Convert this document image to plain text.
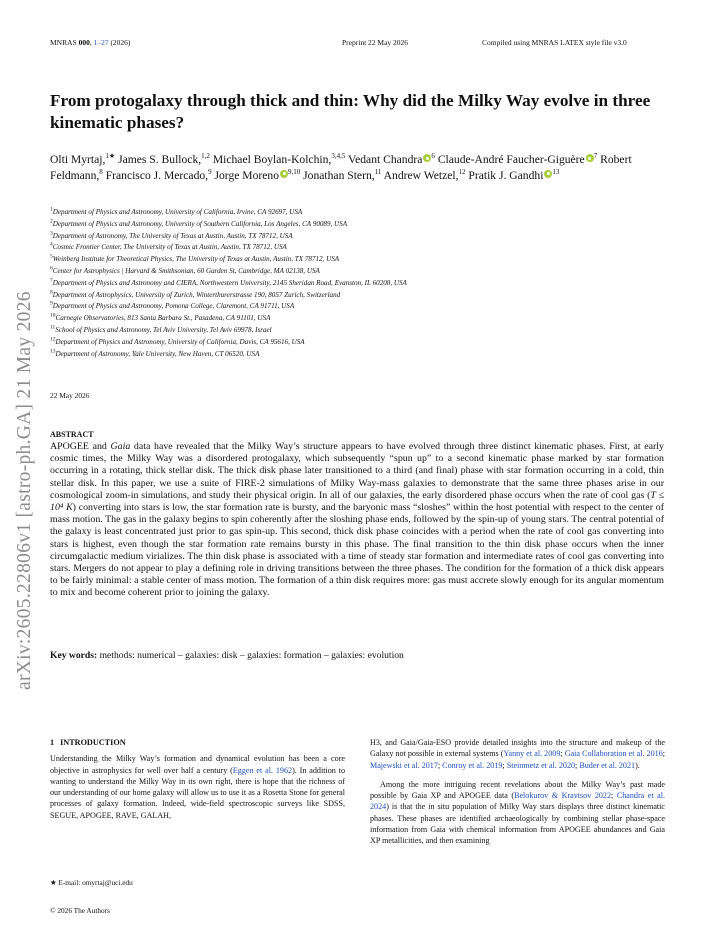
MNRAS 000, 1–27 (2026)	Preprint 22 May 2026	Compiled using MNRAS LATEX style file v3.0
arXiv:2605.22806v1 [astro-ph.GA] 21 May 2026
From protogalaxy through thick and thin: Why did the Milky Way evolve in three kinematic phases?
Olti Myrtaj,$^{1★}$ James S. Bullock,$^{1,2}$ Michael Boylan-Kolchin,$^{3,4,5}$ Vedant Chandra $^6$ Claude-André Faucher-Giguère $^7$ Robert Feldmann,$^8$ Francisco J. Mercado,$^9$ Jorge Moreno $^{9,10}$ Jonathan Stern,$^{11}$ Andrew Wetzel,$^{12}$ Pratik J. Gandhi $^{13}$
$^1$Department of Physics and Astronomy, University of California, Irvine, CA 92697, USA
$^2$Department of Physics and Astronomy, University of Southern California, Los Angeles, CA 90089, USA
$^3$Department of Astronomy, The University of Texas at Austin, Austin, TX 78712, USA
$^4$Cosmic Frontier Center, The University of Texas at Austin, Austin, TX 78712, USA
$^5$Weinberg Institute for Theoretical Physics, The University of Texas at Austin, Austin, TX 78712, USA
$^6$Center for Astrophysics | Harvard & Smithsonian, 60 Garden St, Cambridge, MA 02138, USA
$^7$Department of Physics and Astronomy and CIERA, Northwestern University, 2145 Sheridan Road, Evanston, IL 60208, USA
$^8$Department of Astrophysics, University of Zurich, Winterthurerstrasse 190, 8057 Zurich, Switzerland
$^9$Department of Physics and Astronomy, Pomona College, Claremont, CA 91711, USA
$^{10}$Carnegie Observatories, 813 Santa Barbara St., Pasadena, CA 91101, USA
$^{11}$School of Physics and Astronomy, Tel Aviv University, Tel Aviv 69978, Israel
$^{12}$Department of Physics and Astronomy, University of California, Davis, CA 95616, USA
$^{13}$Department of Astronomy, Yale University, New Haven, CT 06520, USA
22 May 2026
ABSTRACT

APOGEE and Gaia data have revealed that the Milky Way’s structure appears to have evolved through three distinct kinematic phases. First, at early cosmic times, the Milky Way was a disordered protogalaxy, which subsequently “spun up” to a second kinematic phase marked by star formation occurring in a rotating, thick stellar disk. The thick disk phase later transitioned to a third (and final) phase with star formation occurring in a cold, thin stellar disk. In this paper, we use a suite of FIRE-2 simulations of Milky Way-mass galaxies to demonstrate that the same three phases arise in our cosmological zoom-in simulations, and study their physical origin. In all of our galaxies, the early disordered phase occurs when the rate of cool gas (T ≤ 10⁴ K) converting into stars is low, the star formation rate is bursty, and the baryonic mass “sloshes” within the host potential with respect to the center of mass motion. The gas in the galaxy begins to spin coherently after the sloshing phase ends, followed by the spin-up of young stars. The central potential of the galaxy is least concentrated just prior to gas spin-up. This second, thick disk phase coincides with a period when the rate of cool gas converting into stars is highest, even though the star formation rate remains bursty in this phase. The final transition to the thin disk phase occurs when the inner circumgalactic medium virializes. The thin disk phase is associated with a time of steady star formation and intermediate rates of cool gas converting into stars. Mergers do not appear to play a defining role in driving transitions between the three phases. The condition for the formation of a thick disk appears to be fairly minimal: a stable center of mass motion. The formation of a thin disk requires more: gas must accrete slowly enough for its angular momentum to mix and become coherent prior to joining the galaxy.

Key words: methods: numerical – galaxies: disk – galaxies: formation – galaxies: evolution
1 INTRODUCTION

Understanding the Milky Way’s formation and dynamical evolution has been a core objective in astrophysics for well over half a century (Eggen et al. 1962). In addition to wanting to understand the Milky Way in its own right, there is hope that the richness of our understanding of our home galaxy will allow us to use it as a Rosetta Stone for general processes of galaxy formation. Indeed, wide-field spectroscopic surveys like SDSS, SEGUE, APOGEE, RAVE, GALAH,

H3, and Gaia/Gaia-ESO provide detailed insights into the structure and makeup of the Galaxy not possible in external systems (Yanny et al. 2009; Gaia Collaboration et al. 2016; Majewski et al. 2017; Conroy et al. 2019; Steinmetz et al. 2020; Buder et al. 2021).

Among the more intriguing recent revelations about the Milky Way’s past made possible by Gaia XP and APOGEE data (Belokurov & Kravtsov 2022; Chandra et al. 2024) is that the in situ population of Milky Way stars displays three distinct kinematic phases. These phases are identified archaeologically by combining stellar phase-space information from Gaia with chemical information from APOGEE abundances and Gaia XP metallicities, and then examining

★ E-mail: omyrtaj@uci.edu
© 2026 The Authors
